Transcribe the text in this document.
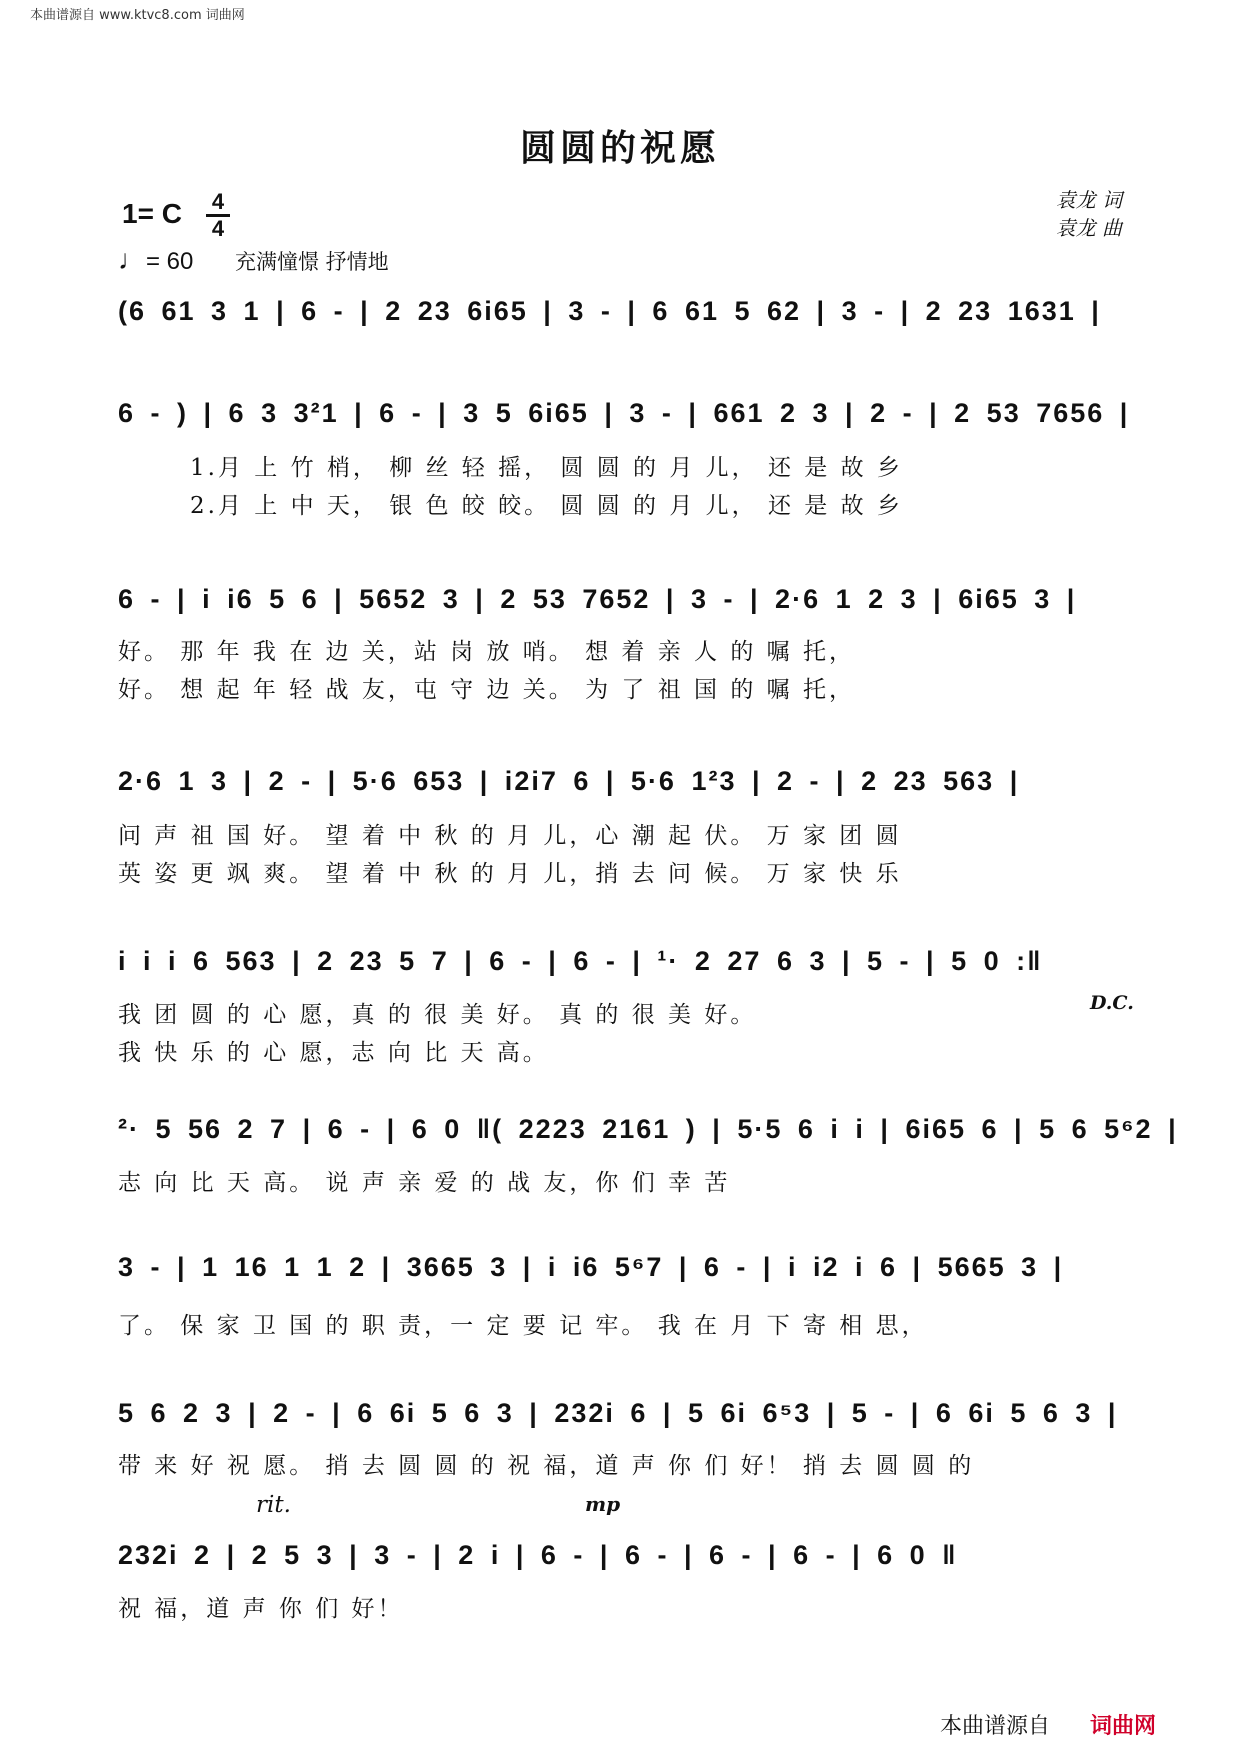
本曲谱源自 www.ktvc8.com 词曲网
圆圆的祝愿
1= C	4
4
♩= 60 充满憧憬 抒情地
袁龙 词
袁龙 曲
(6 61 3 1 | 6 - | 2 23 6i65 | 3 - | 6 61 5 62 | 3 - | 2 23 1631 |
6 - ) | 6 3 3²1 | 6 - | 3 5 6i65 | 3 - | 661 2 3 | 2 - | 2 53 7656 |
1.月 上 竹 梢， 柳 丝 轻 摇， 圆 圆 的 月 儿， 还 是 故 乡
2.月 上 中 天， 银 色 皎 皎。 圆 圆 的 月 儿， 还 是 故 乡
6 - | i i6 5 6 | 5652 3 | 2 53 7652 | 3 - | 2·6 1 2 3 | 6i65 3 |
好。 那 年 我 在 边 关，站 岗 放 哨。 想 着 亲 人 的 嘱 托，
好。 想 起 年 轻 战 友，屯 守 边 关。 为 了 祖 国 的 嘱 托，
2·6 1 3 | 2 - | 5·6 653 | i2i7 6 | 5·6 1²3 | 2 - | 2 23 563 |
问 声 祖 国 好。 望 着 中 秋 的 月 儿，心 潮 起 伏。 万 家 团 圆
英 姿 更 飒 爽。 望 着 中 秋 的 月 儿，捎 去 问 候。 万 家 快 乐
i i i 6 563 | 2 23 5 7 | 6 - | 6 - | ¹· 2 27 6 3 | 5 - | 5 0 :‖
我 团 圆 的 心 愿，真 的 很 美 好。 真 的 很 美 好。
我 快 乐 的 心 愿，志 向 比 天 高。
D.C.
²· 5 56 2 7 | 6 - | 6 0 ‖( 2223 2161 ) | 5·5 6 i i | 6i65 6 | 5 6 5⁶2 |
志 向 比 天 高。 说 声 亲 爱 的 战 友，你 们 幸 苦
3 - | 1 16 1 1 2 | 3665 3 | i i6 5⁶7 | 6 - | i i2 i 6 | 5665 3 |
了。 保 家 卫 国 的 职 责，一 定 要 记 牢。 我 在 月 下 寄 相 思，
5 6 2 3 | 2 - | 6 6i 5 6 3 | 232i 6 | 5 6i 6⁵3 | 5 - | 6 6i 5 6 3 |
带 来 好 祝 愿。 捎 去 圆 圆 的 祝 福，道 声 你 们 好！ 捎 去 圆 圆 的
rit.	mp
232i 2 | 2 5 3 | 3 - | 2 i | 6 - | 6 - | 6 - | 6 - | 6 0 ‖
祝 福，道 声 你 们 好！
本曲谱源自 词曲网
